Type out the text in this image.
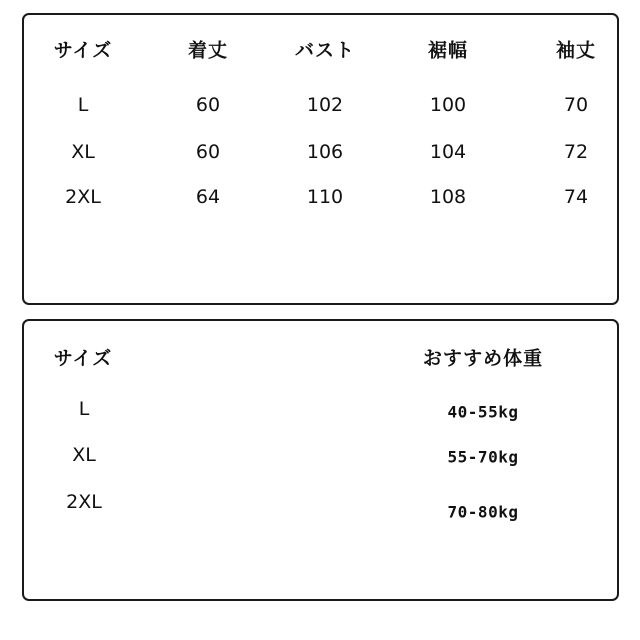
サイズ	着丈	バスト	裾幅	袖丈
L	60	102	100	70
XL	60	106	104	72
2XL	64	110	108	74
サイズ	おすすめ体重
L	40-55kg
XL	55-70kg
2XL	70-80kg
